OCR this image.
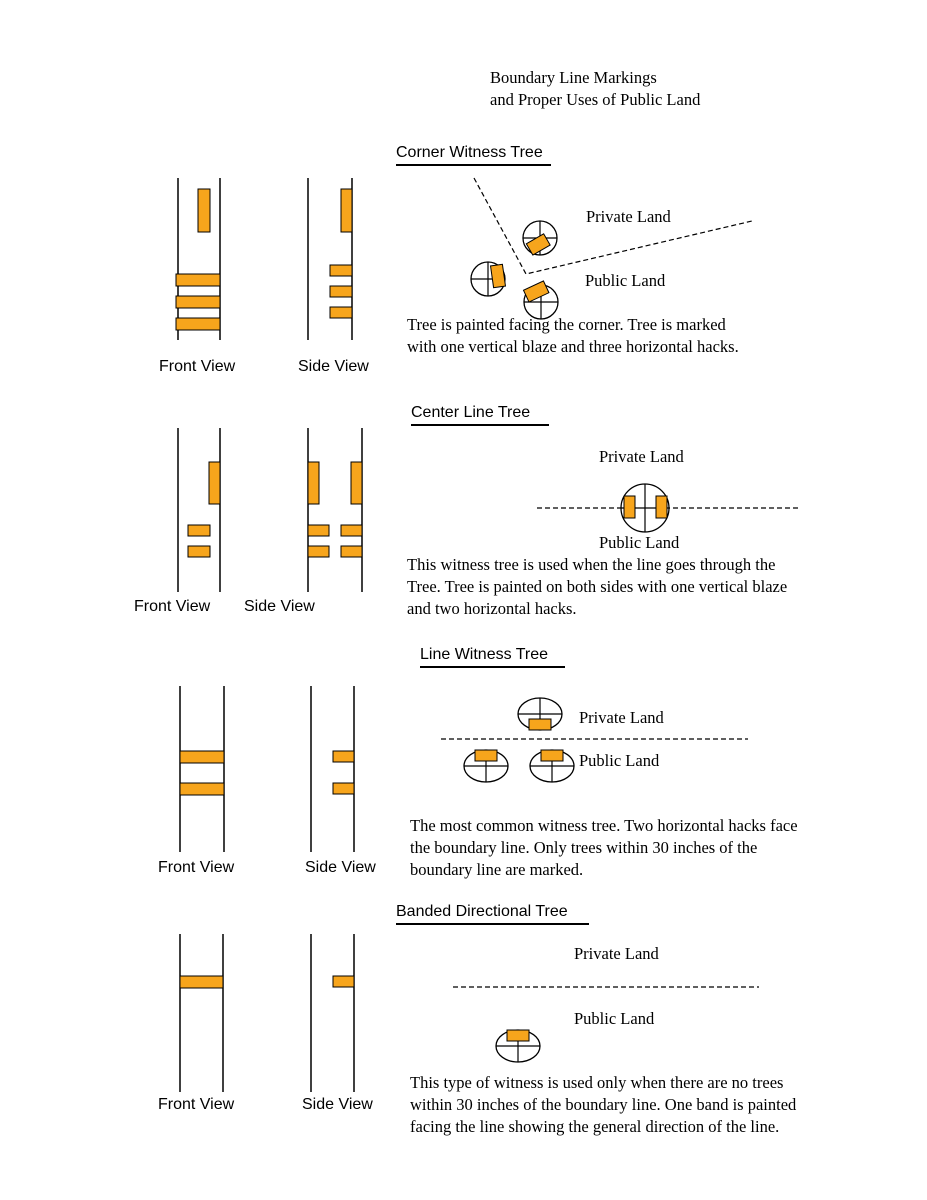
Boundary Line Markings
and Proper Uses of Public Land
Corner Witness Tree
Center Line Tree
Line Witness Tree
Banded Directional Tree
Front View	Side View
Front View Side View
Front View	Side View
Front View	Side View
Private Land
Public Land
Private Land
Public Land
Private Land
Public Land
Private Land
Public Land
Tree is painted facing the corner. Tree is marked
with one vertical blaze and three horizontal hacks.
This witness tree is used when the line goes through the
Tree. Tree is painted on both sides with one vertical blaze
and two horizontal hacks.
The most common witness tree. Two horizontal hacks face
the boundary line. Only trees within 30 inches of the
boundary line are marked.
This type of witness is used only when there are no trees
within 30 inches of the boundary line. One band is painted
facing the line showing the general direction of the line.
